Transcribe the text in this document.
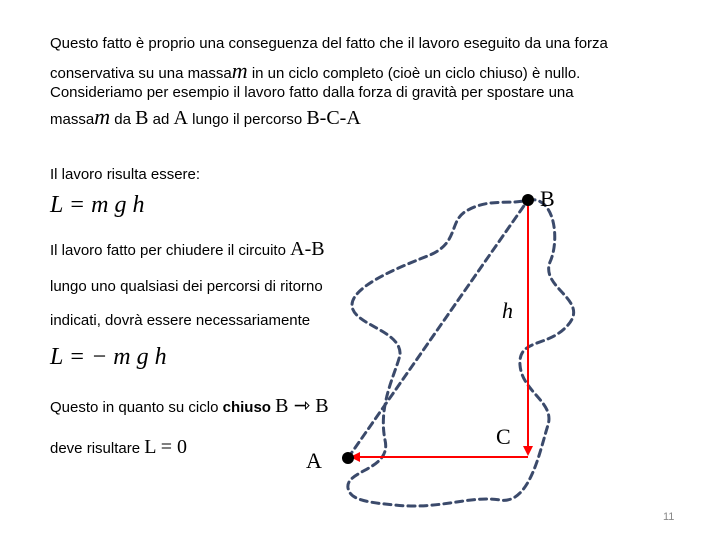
Questo fatto è proprio una conseguenza del fatto che il lavoro eseguito da una forza
conservativa su una massam in un ciclo completo (cioè un ciclo chiuso) è nullo.
Consideriamo per esempio il lavoro fatto dalla forza di gravità per spostare una
massam da B ad A lungo il percorso B-C-A
Il lavoro risulta essere:
L = m g h
Il lavoro fatto per chiudere il circuito A-B
lungo uno qualsiasi dei percorsi di ritorno
indicati, dovrà essere necessariamente
L = − m g h
Questo in quanto su ciclo chiuso B ⇾ B
deve risultare L = 0
B
h
C
A
11
